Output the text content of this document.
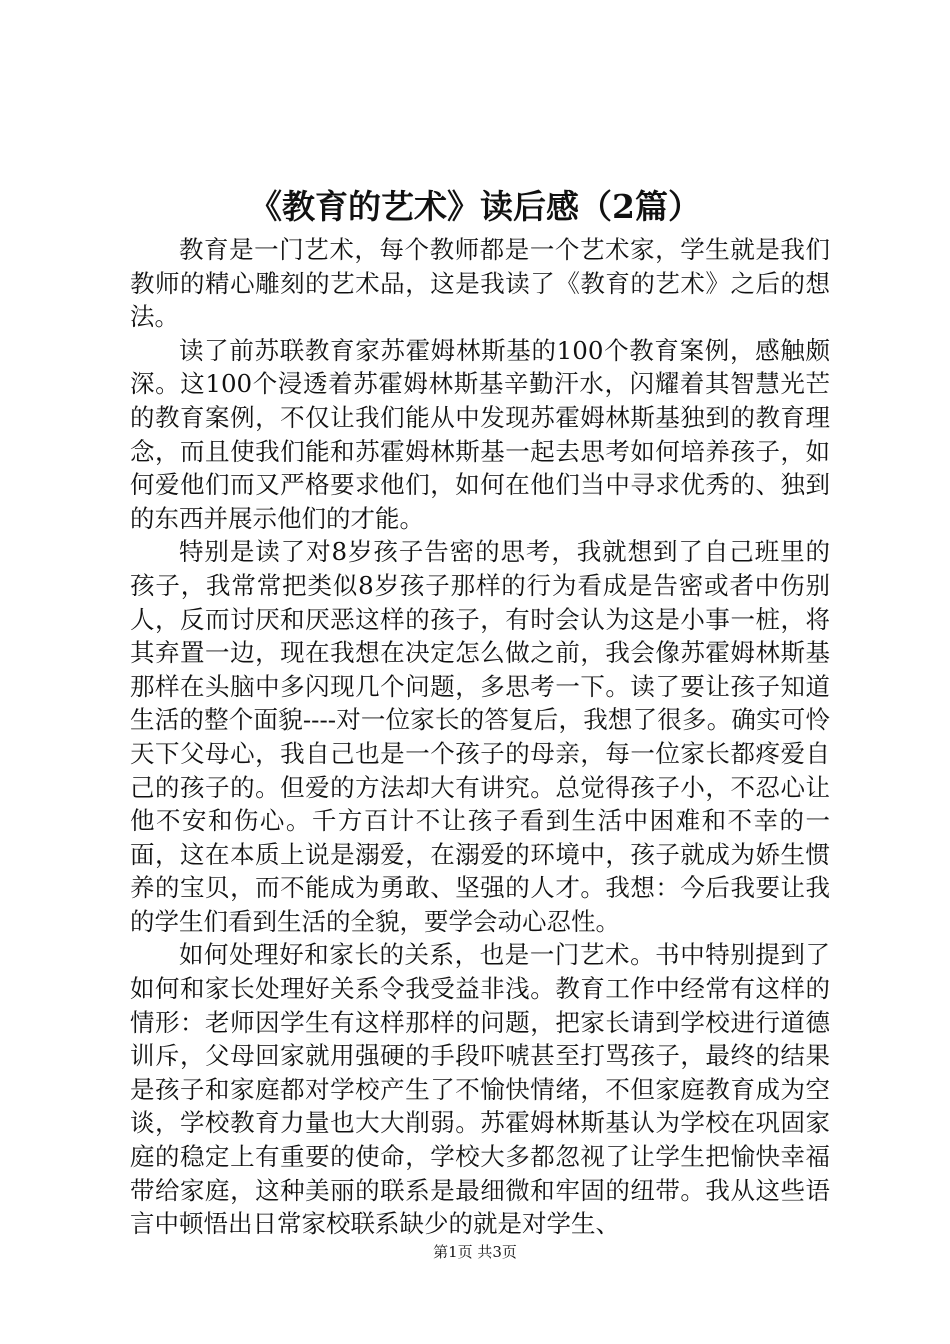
《教育的艺术》读后感（2篇）

教育是一门艺术，每个教师都是一个艺术家，学生就是我们教师的精心雕刻的艺术品，这是我读了《教育的艺术》之后的想法。

读了前苏联教育家苏霍姆林斯基的100个教育案例，感触颇深。这100个浸透着苏霍姆林斯基辛勤汗水，闪耀着其智慧光芒的教育案例，不仅让我们能从中发现苏霍姆林斯基独到的教育理念，而且使我们能和苏霍姆林斯基一起去思考如何培养孩子，如何爱他们而又严格要求他们，如何在他们当中寻求优秀的、独到的东西并展示他们的才能。

特别是读了对8岁孩子告密的思考，我就想到了自己班里的孩子，我常常把类似8岁孩子那样的行为看成是告密或者中伤别人，反而讨厌和厌恶这样的孩子，有时会认为这是小事一桩，将其弃置一边，现在我想在决定怎么做之前，我会像苏霍姆林斯基那样在头脑中多闪现几个问题，多思考一下。读了要让孩子知道生活的整个面貌----对一位家长的答复后，我想了很多。确实可怜天下父母心，我自己也是一个孩子的母亲，每一位家长都疼爱自己的孩子的。但爱的方法却大有讲究。总觉得孩子小，不忍心让他不安和伤心。千方百计不让孩子看到生活中困难和不幸的一面，这在本质上说是溺爱，在溺爱的环境中，孩子就成为娇生惯养的宝贝，而不能成为勇敢、坚强的人才。我想：今后我要让我的学生们看到生活的全貌，要学会动心忍性。

如何处理好和家长的关系，也是一门艺术。书中特别提到了如何和家长处理好关系令我受益非浅。教育工作中经常有这样的情形：老师因学生有这样那样的问题，把家长请到学校进行道德训斥，父母回家就用强硬的手段吓唬甚至打骂孩子，最终的结果是孩子和家庭都对学校产生了不愉快情绪，不但家庭教育成为空谈，学校教育力量也大大削弱。苏霍姆林斯基认为学校在巩固家庭的稳定上有重要的使命，学校大多都忽视了让学生把愉快幸福带给家庭，这种美丽的联系是最细微和牢固的纽带。我从这些语言中顿悟出日常家校联系缺少的就是对学生、

第1页 共3页
